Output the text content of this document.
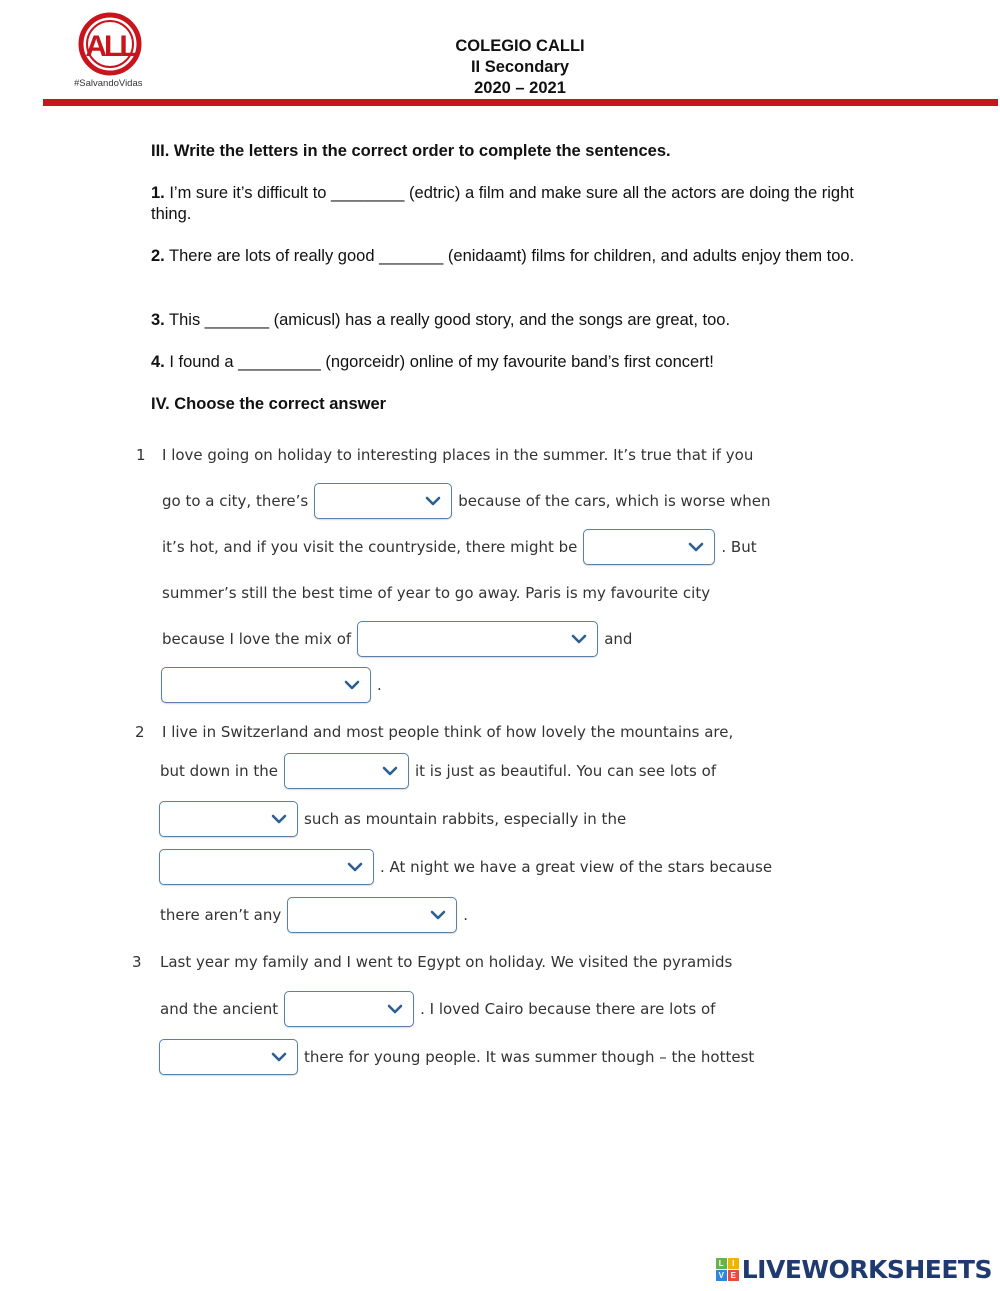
ALL
#SalvandoVidas
COLEGIO CALLI
II Secondary
2020 – 2021
III. Write the letters in the correct order to complete the sentences.
1. I’m sure it’s difficult to ________ (edtric) a film and make sure all the actors are doing the right thing.
2. There are lots of really good _______ (enidaamt) films for children, and adults enjoy them too.
3. This _______ (amicusl) has a really good story, and the songs are great, too.
4. I found a _________ (ngorceidr) online of my favourite band’s first concert!
IV. Choose the correct answer
1
2
3
I love going on holiday to interesting places in the summer. It’s true that if you
go to a city, there’s	because of the cars, which is worse when
it’s hot, and if you visit the countryside, there might be	. But
summer’s still the best time of year to go away. Paris is my favourite city
because I love the mix of	and
.
I live in Switzerland and most people think of how lovely the mountains are,
but down in the	it is just as beautiful. You can see lots of
such as mountain rabbits, especially in the
. At night we have a great view of the stars because
there aren’t any	.
Last year my family and I went to Egypt on holiday. We visited the pyramids
and the ancient	. I loved Cairo because there are lots of
there for young people. It was summer though – the hottest
L	I
V E LIVEWORKSHEETS
